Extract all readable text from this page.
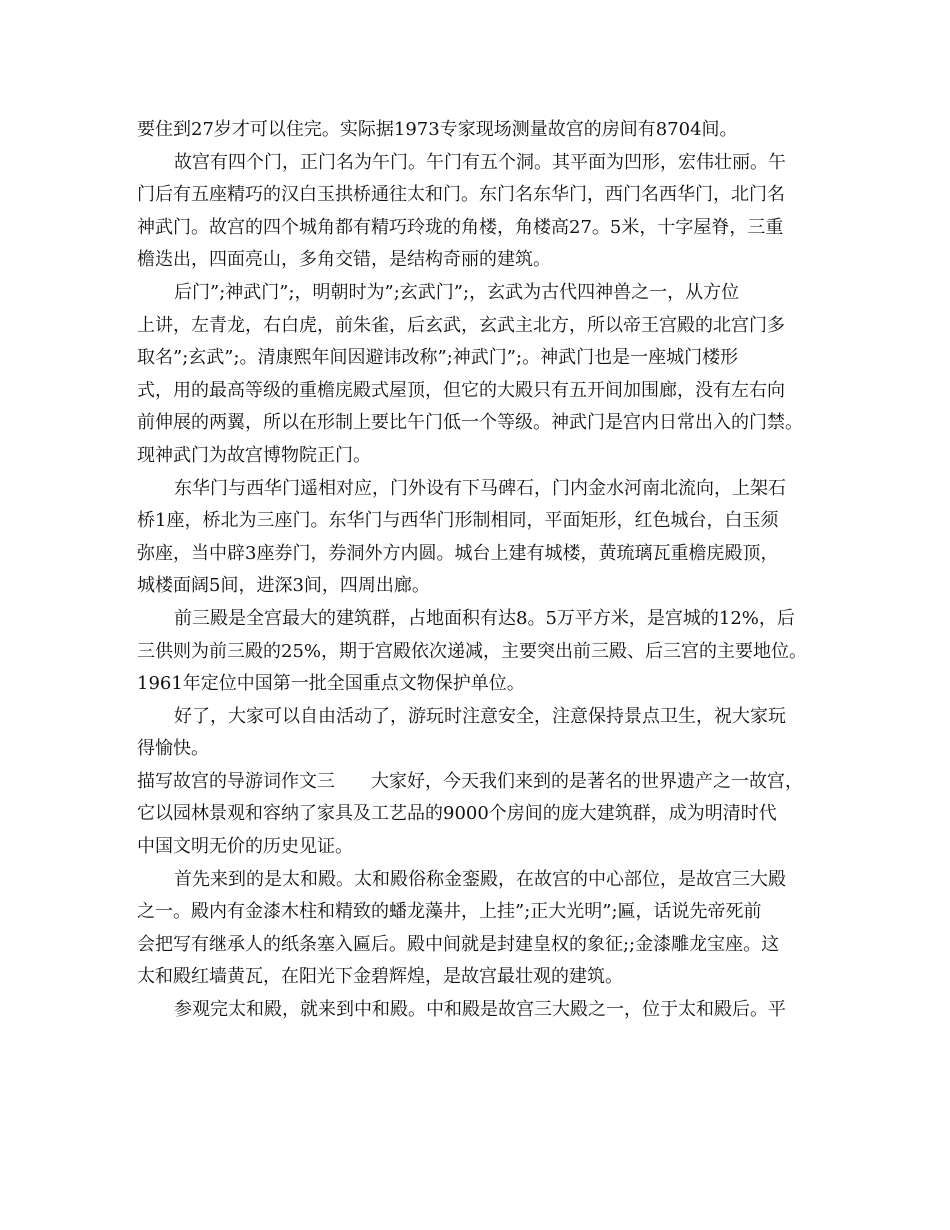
要住到27岁才可以住完。实际据1973专家现场测量故宫的房间有8704间。
故宫有四个门，正门名为午门。午门有五个洞。其平面为凹形，宏伟壮丽。午
门后有五座精巧的汉白玉拱桥通往太和门。东门名东华门，西门名西华门，北门名
神武门。故宫的四个城角都有精巧玲珑的角楼，角楼高27。5米，十字屋脊，三重
檐迭出，四面亮山，多角交错，是结构奇丽的建筑。
后门”;神武门”;，明朝时为”;玄武门”;，玄武为古代四神兽之一，从方位
上讲，左青龙，右白虎，前朱雀，后玄武，玄武主北方，所以帝王宫殿的北宫门多
取名”;玄武”;。清康熙年间因避讳改称”;神武门”;。神武门也是一座城门楼形
式，用的最高等级的重檐庑殿式屋顶，但它的大殿只有五开间加围廊，没有左右向
前伸展的两翼，所以在形制上要比午门低一个等级。神武门是宫内日常出入的门禁。
现神武门为故宫博物院正门。
东华门与西华门遥相对应，门外设有下马碑石，门内金水河南北流向，上架石
桥1座，桥北为三座门。东华门与西华门形制相同，平面矩形，红色城台，白玉须
弥座，当中辟3座券门，券洞外方内圆。城台上建有城楼，黄琉璃瓦重檐庑殿顶，
城楼面阔5间，进深3间，四周出廊。
前三殿是全宫最大的建筑群，占地面积有达8。5万平方米，是宫城的12%，后
三供则为前三殿的25%，期于宫殿依次递减，主要突出前三殿、后三宫的主要地位。
1961年定位中国第一批全国重点文物保护单位。
好了，大家可以自由活动了，游玩时注意安全，注意保持景点卫生，祝大家玩
得愉快。
描写故宫的导游词作文三　　大家好，今天我们来到的是著名的世界遗产之一故宫，
它以园林景观和容纳了家具及工艺品的9000个房间的庞大建筑群，成为明清时代
中国文明无价的历史见证。
首先来到的是太和殿。太和殿俗称金銮殿，在故宫的中心部位，是故宫三大殿
之一。殿内有金漆木柱和精致的蟠龙藻井，上挂”;正大光明”;匾，话说先帝死前
会把写有继承人的纸条塞入匾后。殿中间就是封建皇权的象征;;金漆雕龙宝座。这
太和殿红墙黄瓦，在阳光下金碧辉煌，是故宫最壮观的建筑。
参观完太和殿，就来到中和殿。中和殿是故宫三大殿之一，位于太和殿后。平
